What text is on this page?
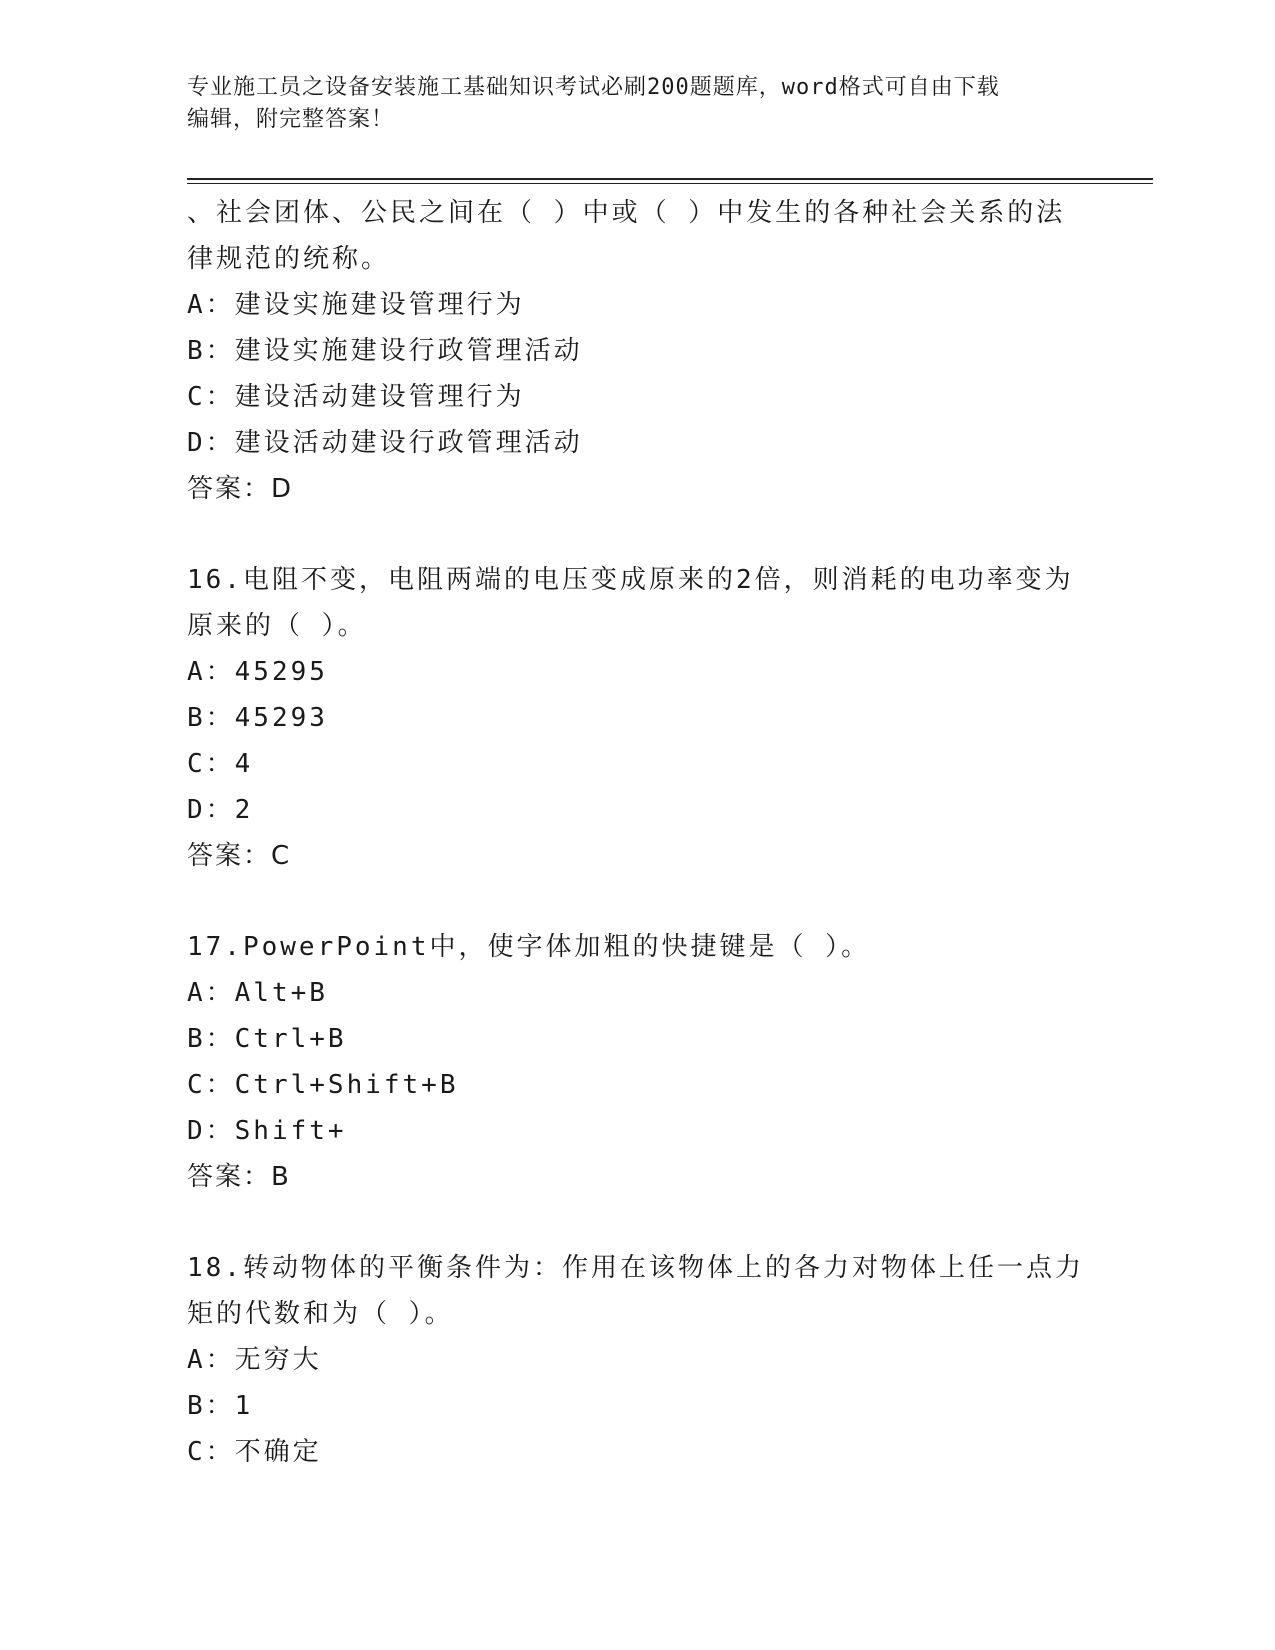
专业施工员之设备安装施工基础知识考试必刷200题题库，word格式可自由下载
编辑，附完整答案！
、社会团体、公民之间在（ ）中或（ ）中发生的各种社会关系的法
律规范的统称。
A：建设实施建设管理行为
B：建设实施建设行政管理活动
C：建设活动建设管理行为
D：建设活动建设行政管理活动
答案：D
16.电阻不变，电阻两端的电压变成原来的2倍，则消耗的电功率变为
原来的（ ）。
A：45295
B：45293
C：4
D：2
答案：C
17.PowerPoint中，使字体加粗的快捷键是（ ）。
A：Alt+B
B：Ctrl+B
C：Ctrl+Shift+B
D：Shift+
答案：B
18.转动物体的平衡条件为：作用在该物体上的各力对物体上任一点力
矩的代数和为（ ）。
A：无穷大
B：1
C：不确定
